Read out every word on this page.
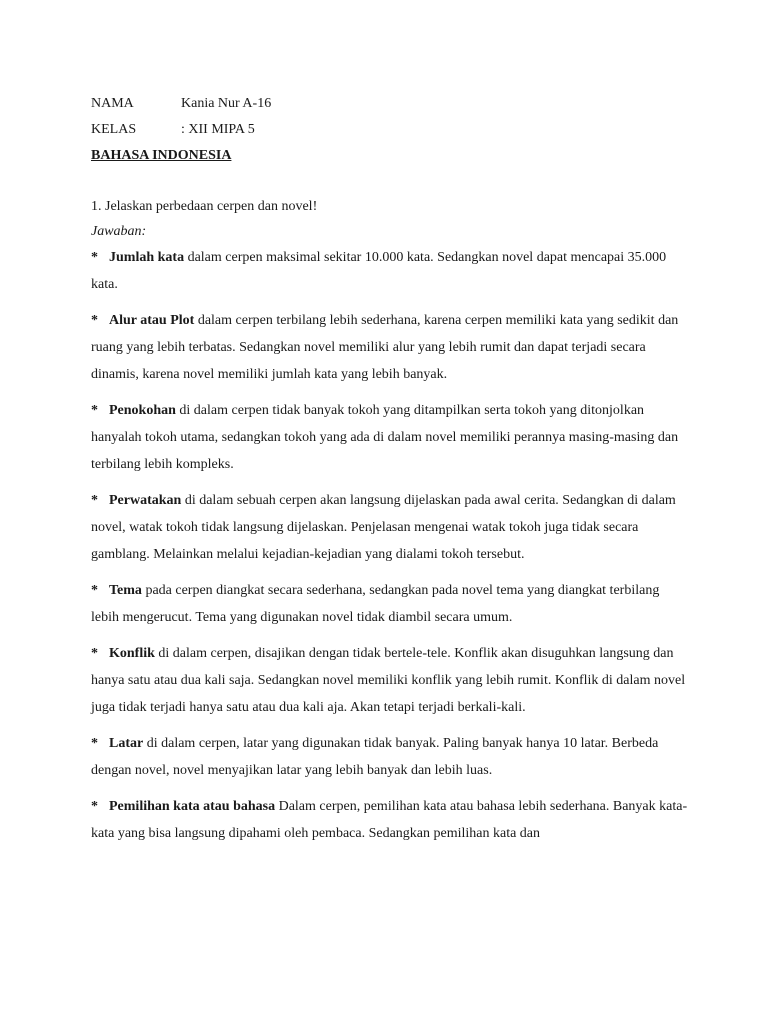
NAMA	Kania Nur A-16
KELAS	: XII MIPA 5
BAHASA INDONESIA
1. Jelaskan perbedaan cerpen dan novel!
Jawaban:
* Jumlah kata dalam cerpen maksimal sekitar 10.000 kata. Sedangkan novel dapat mencapai 35.000 kata.
* Alur atau Plot dalam cerpen terbilang lebih sederhana, karena cerpen memiliki kata yang sedikit dan ruang yang lebih terbatas. Sedangkan novel memiliki alur yang lebih rumit dan dapat terjadi secara dinamis, karena novel memiliki jumlah kata yang lebih banyak.
* Penokohan di dalam cerpen tidak banyak tokoh yang ditampilkan serta tokoh yang ditonjolkan hanyalah tokoh utama, sedangkan tokoh yang ada di dalam novel memiliki perannya masing-masing dan terbilang lebih kompleks.
* Perwatakan di dalam sebuah cerpen akan langsung dijelaskan pada awal cerita. Sedangkan di dalam novel, watak tokoh tidak langsung dijelaskan. Penjelasan mengenai watak tokoh juga tidak secara gamblang. Melainkan melalui kejadian-kejadian yang dialami tokoh tersebut.
* Tema pada cerpen diangkat secara sederhana, sedangkan pada novel tema yang diangkat terbilang lebih mengerucut. Tema yang digunakan novel tidak diambil secara umum.
* Konflik di dalam cerpen, disajikan dengan tidak bertele-tele. Konflik akan disuguhkan langsung dan hanya satu atau dua kali saja. Sedangkan novel memiliki konflik yang lebih rumit. Konflik di dalam novel juga tidak terjadi hanya satu atau dua kali aja. Akan tetapi terjadi berkali-kali.
* Latar di dalam cerpen, latar yang digunakan tidak banyak. Paling banyak hanya 10 latar. Berbeda dengan novel, novel menyajikan latar yang lebih banyak dan lebih luas.
* Pemilihan kata atau bahasa Dalam cerpen, pemilihan kata atau bahasa lebih sederhana. Banyak kata-kata yang bisa langsung dipahami oleh pembaca. Sedangkan pemilihan kata dan
